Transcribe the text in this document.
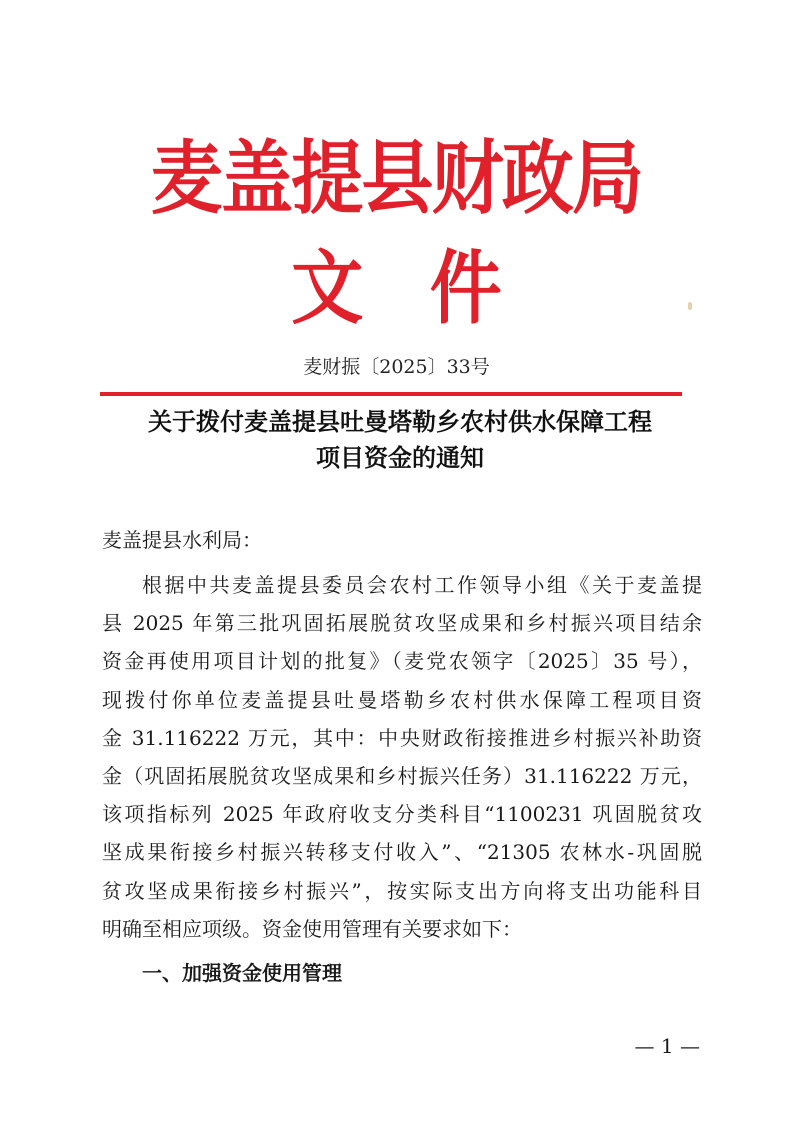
麦盖提县财政局
文件
麦财振〔2025〕33号
关于拨付麦盖提县吐曼塔勒乡农村供水保障工程
项目资金的通知
麦盖提县水利局：
根据中共麦盖提县委员会农村工作领导小组《关于麦盖提
县 2025 年第三批巩固拓展脱贫攻坚成果和乡村振兴项目结余
资金再使用项目计划的批复》（麦党农领字〔2025〕35 号），
现拨付你单位麦盖提县吐曼塔勒乡农村供水保障工程项目资
金 31.116222 万元，其中：中央财政衔接推进乡村振兴补助资
金（巩固拓展脱贫攻坚成果和乡村振兴任务）31.116222 万元，
该项指标列 2025 年政府收支分类科目“1100231 巩固脱贫攻
坚成果衔接乡村振兴转移支付收入”、“21305 农林水-巩固脱
贫攻坚成果衔接乡村振兴”，按实际支出方向将支出功能科目
明确至相应项级。资金使用管理有关要求如下：
一、加强资金使用管理
— 1 —
